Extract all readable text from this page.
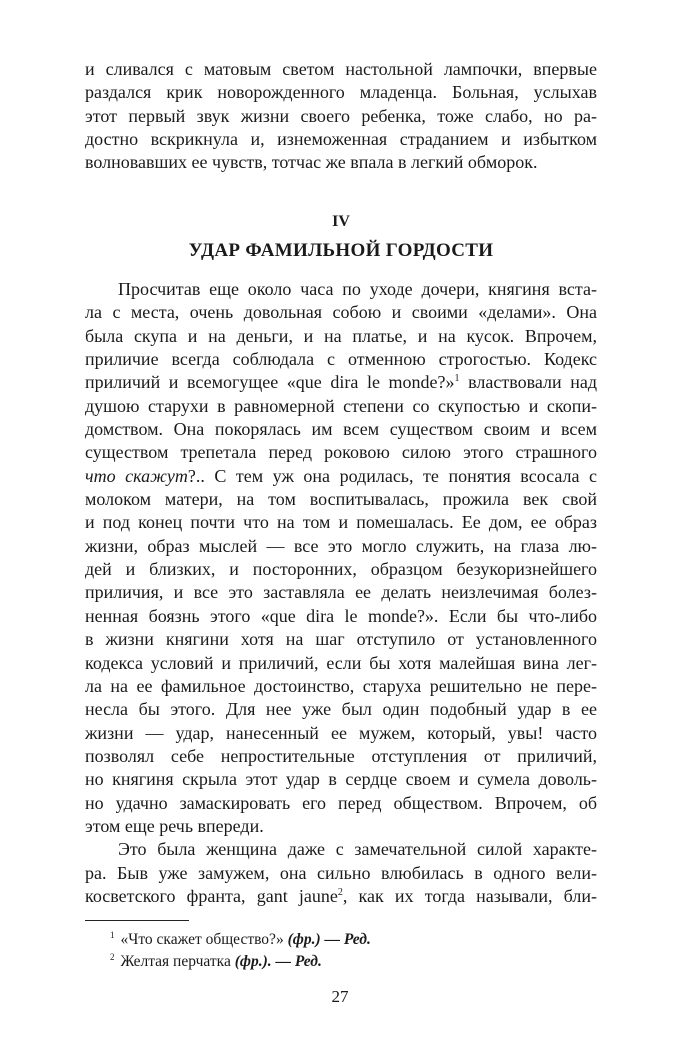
и сливался с матовым светом настольной лампочки, впервые
раздался крик новорожденного младенца. Больная, услыхав
этот первый звук жизни своего ребенка, тоже слабо, но ра-
достно вскрикнула и, изнеможенная страданием и избытком
волновавших ее чувств, тотчас же впала в легкий обморок.
IV
УДАР ФАМИЛЬНОЙ ГОРДОСТИ
Просчитав еще около часа по уходе дочери, княгиня вста-
ла с места, очень довольная собою и своими «делами». Она
была скупа и на деньги, и на платье, и на кусок. Впрочем,
приличие всегда соблюдала с отменною строгостью. Кодекс
приличий и всемогущее «que dira le monde?»$^1$ властвовали над
душою старухи в равномерной степени со скупостью и скопи-
домством. Она покорялась им всем существом своим и всем
существом трепетала перед роковою силою этого страшного
что скажут?.. С тем уж она родилась, те понятия всосала с
молоком матери, на том воспитывалась, прожила век свой
и под конец почти что на том и помешалась. Ее дом, ее образ
жизни, образ мыслей — все это могло служить, на глаза лю-
дей и близких, и посторонних, образцом безукоризнейшего
приличия, и все это заставляла ее делать неизлечимая болез-
ненная боязнь этого «que dira le monde?». Если бы что-либо
в жизни княгини хотя на шаг отступило от установленного
кодекса условий и приличий, если бы хотя малейшая вина лег-
ла на ее фамильное достоинство, старуха решительно не пере-
несла бы этого. Для нее уже был один подобный удар в ее
жизни — удар, нанесенный ее мужем, который, увы! часто
позволял себе непростительные отступления от приличий,
но княгиня скрыла этот удар в сердце своем и сумела доволь-
но удачно замаскировать его перед обществом. Впрочем, об
этом еще речь впереди.
Это была женщина даже с замечательной силой характе-
ра. Быв уже замужем, она сильно влюбилась в одного вели-
косветского франта, gant jaune$^2$, как их тогда называли, бли-
$^1$ «Что скажет общество?» (фр.) — Ред.
$^2$ Желтая перчатка (фр.). — Ред.
27
